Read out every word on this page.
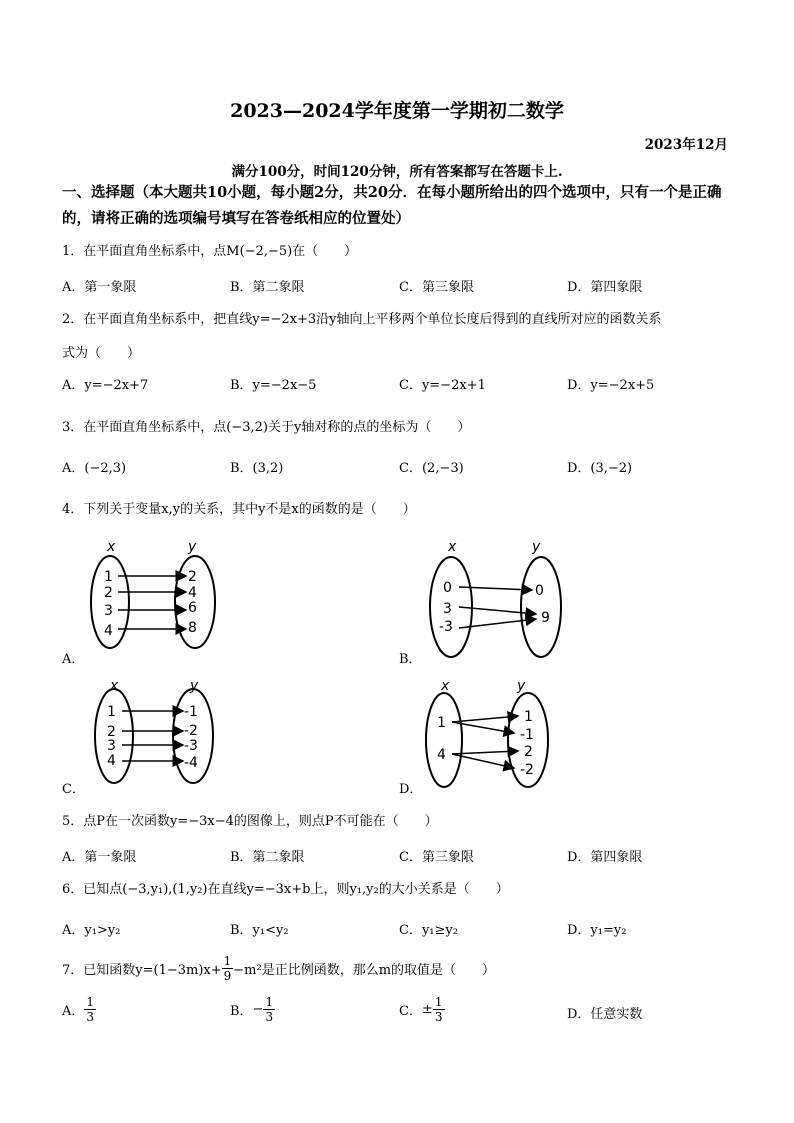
2023—2024学年度第一学期初二数学
2023年12月
满分100分，时间120分钟，所有答案都写在答题卡上.
一、选择题（本大题共10小题，每小题2分，共20分．在每小题所给出的四个选项中，只有一个是正确的，请将正确的选项编号填写在答卷纸相应的位置处）
1．在平面直角坐标系中，点M(−2,−5)在（　　）
A．第一象限	B．第二象限	C．第三象限	D．第四象限
2．在平面直角坐标系中，把直线y=−2x+3沿y轴向上平移两个单位长度后得到的直线所对应的函数关系
式为（　　）
A．y=−2x+7	B．y=−2x−5	C．y=−2x+1	D．y=−2x+5
3．在平面直角坐标系中，点(−3,2)关于y轴对称的点的坐标为（　　）
A．(−2,3)	B．(3,2)	C．(2,−3)	D．(3,−2)
4．下列关于变量x,y的关系，其中y不是x的函数的是（　　）
x	y
1
2
3
4
2
4
6
8
x	y
0
3
-3
0
9
x	y
1
2
3
4
-1
-2
-3
-4
x	y
1
4
1
-1
2
-2
A．	B．
C．	D．
5．点P在一次函数y=−3x−4的图像上，则点P不可能在（　　）
A．第一象限	B．第二象限	C．第三象限	D．第四象限
6．已知点(−3,y₁),(1,y₂)在直线y=−3x+b上，则y₁,y₂的大小关系是（　　）
A．y₁>y₂	B．y₁<y₂	C．y₁≥y₂	D．y₁=y₂
7．已知函数$y=(1-3m)x+ \frac{1}{9} -m^2$是正比例函数，那么m的取值是（　　）
A． $\frac{1}{3}$	B． − $\frac{1}{3}$	C． ± $\frac{1}{3}$	D．任意实数
